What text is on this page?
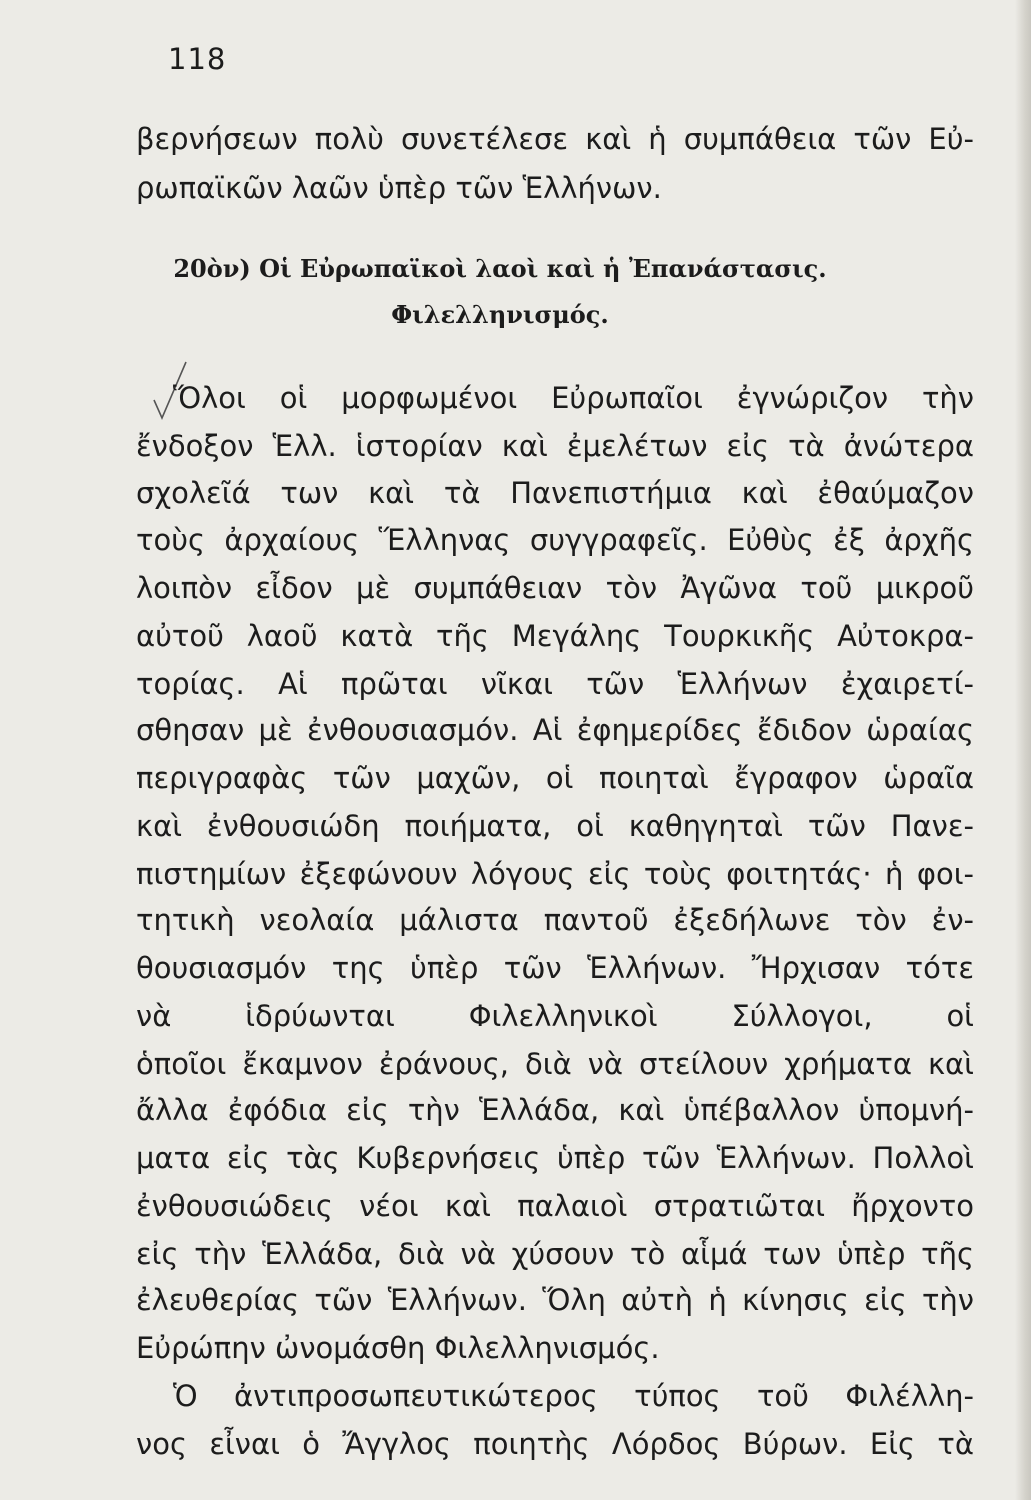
118
βερνήσεων πολὺ συνετέλεσε καὶ ἡ συμπάθεια τῶν Εὐ-
ρωπαϊκῶν λαῶν ὑπὲρ τῶν Ἑλλήνων.
20ὸν) Οἱ Εὐρωπαϊκοὶ λαοὶ καὶ ἡ Ἐπανάστασις.
Φιλελληνισμός.
Ὅλοι οἱ μορφωμένοι Εὐρωπαῖοι ἐγνώριζον τὴν
ἔνδοξον Ἑλλ. ἱστορίαν καὶ ἐμελέτων εἰς τὰ ἀνώτερα
σχολεῖά των καὶ τὰ Πανεπιστήμια καὶ ἐθαύμαζον
τοὺς ἀρχαίους Ἕλληνας συγγραφεῖς. Εὐθὺς ἐξ ἀρχῆς
λοιπὸν εἶδον μὲ συμπάθειαν τὸν Ἀγῶνα τοῦ μικροῦ
αὐτοῦ λαοῦ κατὰ τῆς Μεγάλης Τουρκικῆς Αὐτοκρα-
τορίας. Αἱ πρῶται νῖκαι τῶν Ἑλλήνων ἐχαιρετί-
σθησαν μὲ ἐνθουσιασμόν. Αἱ ἐφημερίδες ἔδιδον ὡραίας
περιγραφὰς τῶν μαχῶν, οἱ ποιηταὶ ἔγραφον ὡραῖα
καὶ ἐνθουσιώδη ποιήματα, οἱ καθηγηταὶ τῶν Πανε-
πιστημίων ἐξεφώνουν λόγους εἰς τοὺς φοιτητάς· ἡ φοι-
τητικὴ νεολαία μάλιστα παντοῦ ἐξεδήλωνε τὸν ἐν-
θουσιασμόν της ὑπὲρ τῶν Ἑλλήνων. Ἤρχισαν τότε
νὰ ἱδρύωνται Φιλελληνικοὶ Σύλλογοι, οἱ
ὁποῖοι ἔκαμνον ἐράνους, διὰ νὰ στείλουν χρήματα καὶ
ἄλλα ἐφόδια εἰς τὴν Ἑλλάδα, καὶ ὑπέβαλλον ὑπομνή-
ματα εἰς τὰς Κυβερνήσεις ὑπὲρ τῶν Ἑλλήνων. Πολλοὶ
ἐνθουσιώδεις νέοι καὶ παλαιοὶ στρατιῶται ἤρχοντο
εἰς τὴν Ἑλλάδα, διὰ νὰ χύσουν τὸ αἷμά των ὑπὲρ τῆς
ἐλευθερίας τῶν Ἑλλήνων. Ὅλη αὐτὴ ἡ κίνησις εἰς τὴν
Εὐρώπην ὠνομάσθη Φιλελληνισμός.
Ὁ ἀντιπροσωπευτικώτερος τύπος τοῦ Φιλέλλη-
νος εἶναι ὁ Ἄγγλος ποιητὴς Λόρδος Βύρων. Εἰς τὰ
